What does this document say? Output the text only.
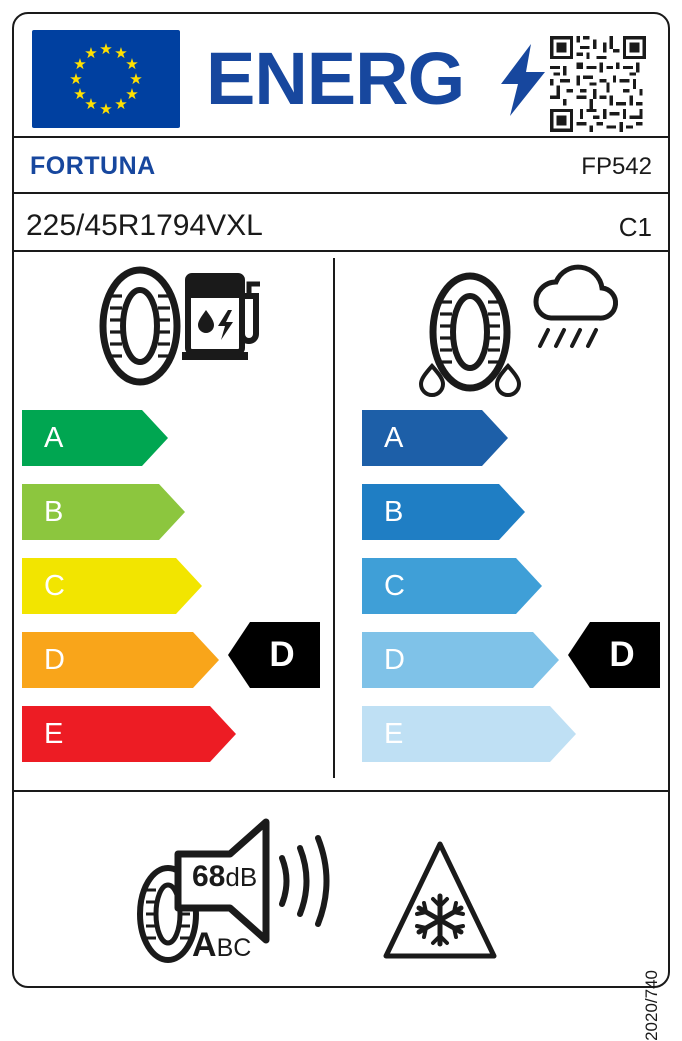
★ ★
★
★
★
★
★
★
★
★
★
★ ENERG
FORTUNA	FP542
225/45R1794VXL	C1
A
B
C
D
E
D
A
B
C
D
E
D
68dB
ABC
2020/740
